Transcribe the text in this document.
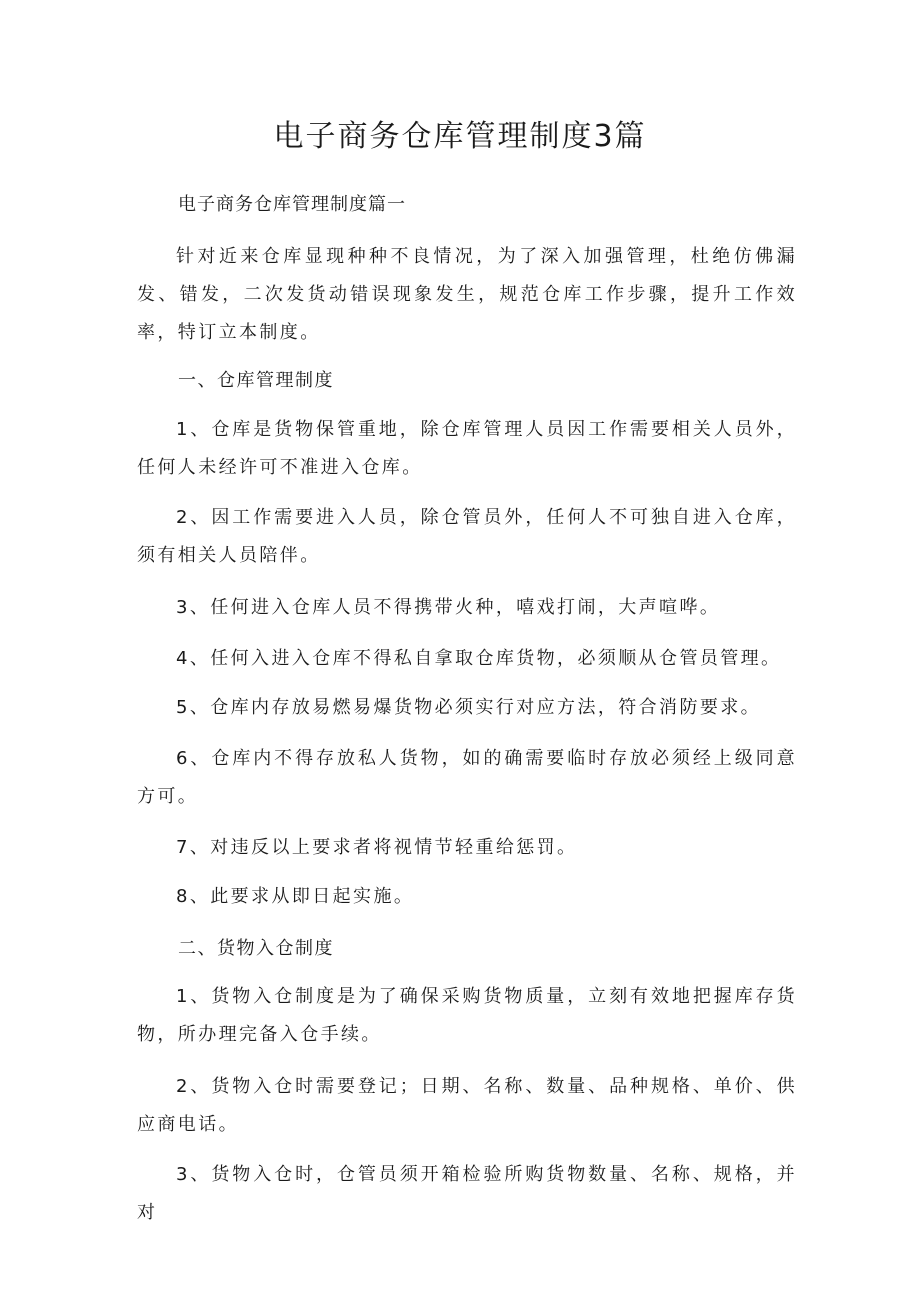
电子商务仓库管理制度3篇

电子商务仓库管理制度篇一

针对近来仓库显现种种不良情况，为了深入加强管理，杜绝仿佛漏发、错发，二次发货动错误现象发生，规范仓库工作步骤，提升工作效率，特订立本制度。

一、仓库管理制度

1、仓库是货物保管重地，除仓库管理人员因工作需要相关人员外，任何人未经许可不准进入仓库。

2、因工作需要进入人员，除仓管员外，任何人不可独自进入仓库，须有相关人员陪伴。

3、任何进入仓库人员不得携带火种，嘻戏打闹，大声喧哗。

4、任何入进入仓库不得私自拿取仓库货物，必须顺从仓管员管理。

5、仓库内存放易燃易爆货物必须实行对应方法，符合消防要求。

6、仓库内不得存放私人货物，如的确需要临时存放必须经上级同意方可。

7、对违反以上要求者将视情节轻重给惩罚。

8、此要求从即日起实施。

二、货物入仓制度

1、货物入仓制度是为了确保采购货物质量，立刻有效地把握库存货物，所办理完备入仓手续。

2、货物入仓时需要登记；日期、名称、数量、品种规格、单价、供应商电话。

3、货物入仓时，仓管员须开箱检验所购货物数量、名称、规格，并对
